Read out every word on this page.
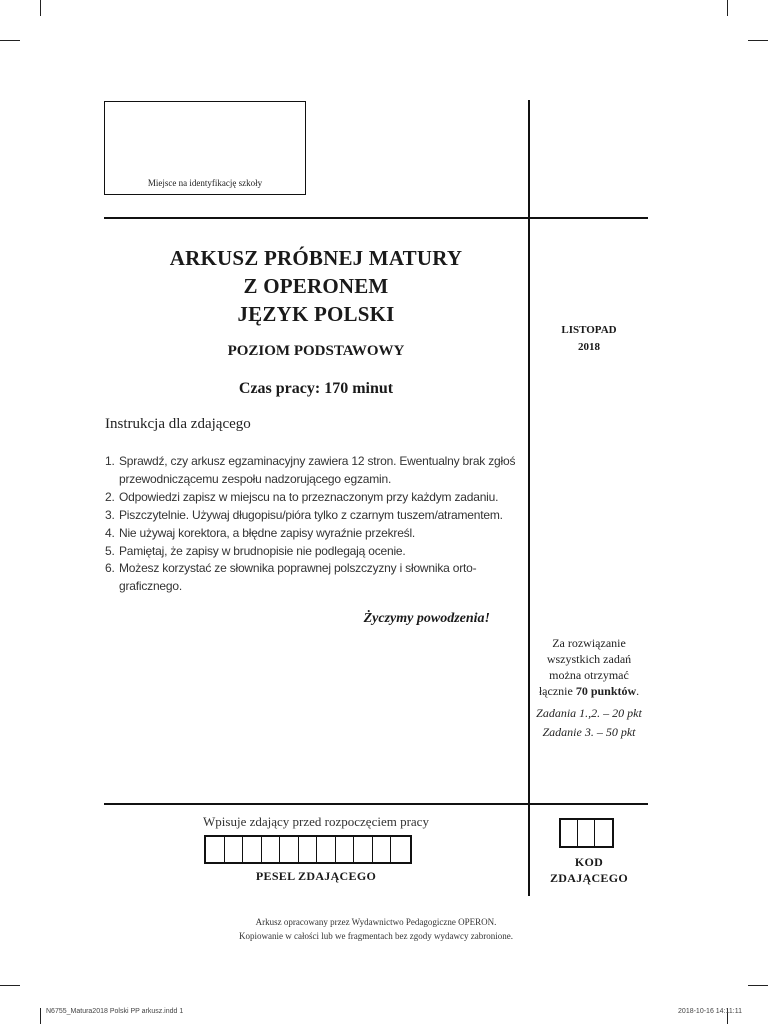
Miejsce na identyfikację szkoły
ARKUSZ PRÓBNEJ MATURY
Z OPERONEM
JĘZYK POLSKI
POZIOM PODSTAWOWY
Czas pracy: 170 minut
Instrukcja dla zdającego
1. Sprawdź, czy arkusz egzaminacyjny zawiera 12 stron. Ewentualny brak zgłoś przewodniczącemu zespołu nadzorującego egzamin.
2. Odpowiedzi zapisz w miejscu na to przeznaczonym przy każdym zadaniu.
3. Piszczytelnie. Używaj długopisu/pióra tylko z czarnym tuszem/atramentem.
4. Nie używaj korektora, a błędne zapisy wyraźnie przekreśl.
5. Pamiętaj, że zapisy w brudnopisie nie podlegają ocenie.
6. Możesz korzystać ze słownika poprawnej polszczyzny i słownika orto-graficznego.
Życzymy powodzenia!
LISTOPAD
2018
Za rozwiązanie
wszystkich zadań
można otrzymać
łącznie 70 punktów.
Zadania 1.,2. – 20 pkt
Zadanie 3. – 50 pkt
Wpisuje zdający przed rozpoczęciem pracy
PESEL ZDAJĄCEGO
KOD
ZDAJĄCEGO
Arkusz opracowany przez Wydawnictwo Pedagogiczne OPERON.
Kopiowanie w całości lub we fragmentach bez zgody wydawcy zabronione.
N6755_Matura2018 Polski PP arkusz.indd 1	2018-10-16 14:11:11
